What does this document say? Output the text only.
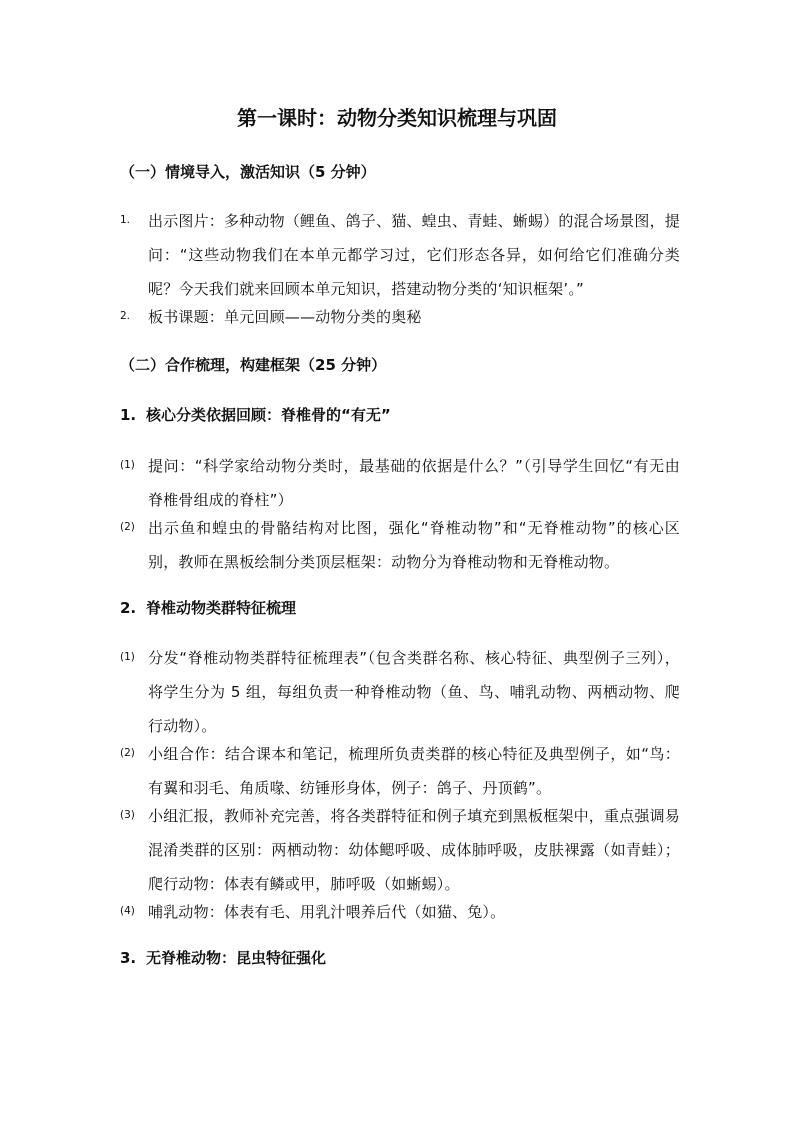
第一课时：动物分类知识梳理与巩固
（一）情境导入，激活知识（5 分钟）
1. 出示图片：多种动物（鲤鱼、鸽子、猫、蝗虫、青蛙、蜥蜴）的混合场景图，提问：“这些动物我们在本单元都学习过，它们形态各异，如何给它们准确分类呢？今天我们就来回顾本单元知识，搭建动物分类的‘知识框架’。”
2. 板书课题：单元回顾——动物分类的奥秘
（二）合作梳理，构建框架（25 分钟）
1. 核心分类依据回顾：脊椎骨的“有无”
(1) 提问：“科学家给动物分类时，最基础的依据是什么？”（引导学生回忆“有无由脊椎骨组成的脊柱”）
(2) 出示鱼和蝗虫的骨骼结构对比图，强化“脊椎动物”和“无脊椎动物”的核心区别，教师在黑板绘制分类顶层框架：动物分为脊椎动物和无脊椎动物。
2. 脊椎动物类群特征梳理
(1) 分发“脊椎动物类群特征梳理表”（包含类群名称、核心特征、典型例子三列），将学生分为 5 组，每组负责一种脊椎动物（鱼、鸟、哺乳动物、两栖动物、爬行动物）。
(2) 小组合作：结合课本和笔记，梳理所负责类群的核心特征及典型例子，如“鸟：有翼和羽毛、角质喙、纺锤形身体，例子：鸽子、丹顶鹤”。
(3) 小组汇报，教师补充完善，将各类群特征和例子填充到黑板框架中，重点强调易混淆类群的区别：两栖动物：幼体鳃呼吸、成体肺呼吸，皮肤裸露（如青蛙）；爬行动物：体表有鳞或甲，肺呼吸（如蜥蜴）。
(4) 哺乳动物：体表有毛、用乳汁喂养后代（如猫、兔）。
3. 无脊椎动物：昆虫特征强化
